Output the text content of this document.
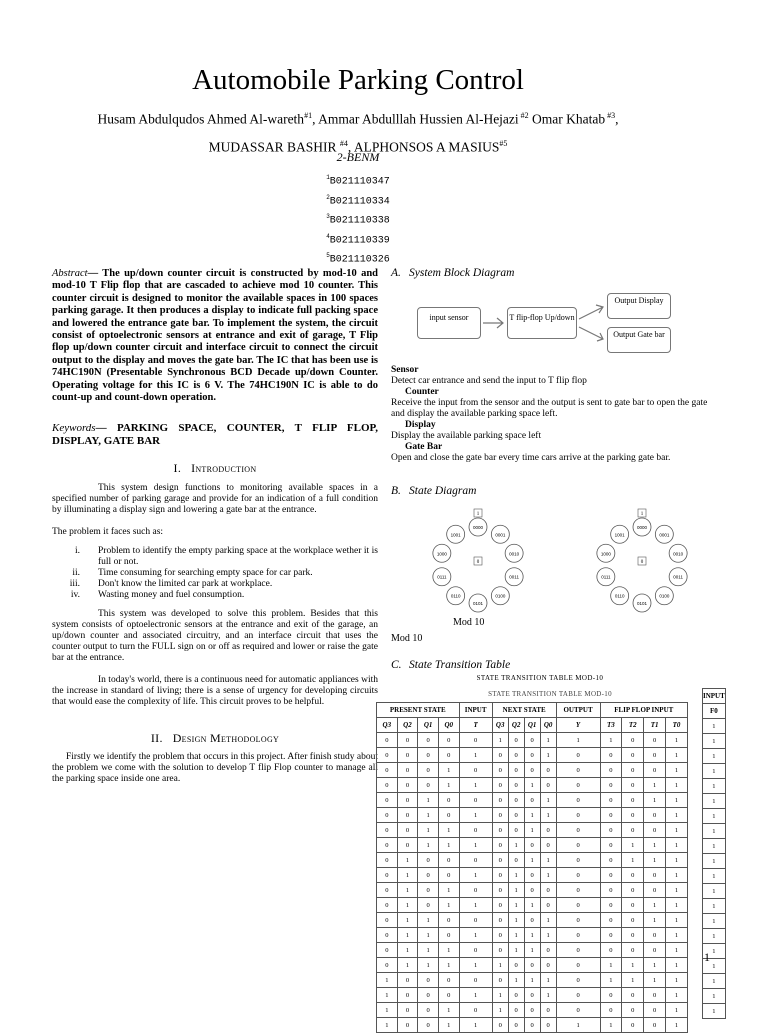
Automobile Parking Control
Husam Abdulqudos Ahmed Al-wareth$^{\#1}$, Ammar Abdulllah Hussien Al-Hejazi $^{\#2}$ Omar Khatab $^{\#3}$,
MUDASSAR BASHIR $^{\#4}$, ALPHONSOS A MASIUS$^{\#5}$
2-BENM
$^1$B021110347
$^2$B021110334
$^3$B021110338
$^4$B021110339
$^5$B021110326
Abstract— The up/down counter circuit is constructed by mod-10 and mod-10 T Flip flop that are cascaded to achieve mod 10 counter. This counter circuit is designed to monitor the available spaces in 100 spaces parking garage. It then produces a display to indicate full packing space and lowered the entrance gate bar. To implement the system, the circuit consist of optoelectronic sensors at entrance and exit of garage, T Flip flop up/down counter circuit and interface circuit to connect the circuit output to the display and moves the gate bar. The IC that has been use is 74HC190N (Presentable Synchronous BCD Decade up/down Counter. Operating voltage for this IC is 6 V. The 74HC190N IC is able to do count-up and count-down operation.
Keywords— PARKING SPACE, COUNTER, T FLIP FLOP, DISPLAY, GATE BAR
I. Introduction
This system design functions to monitoring available spaces in a specified number of parking garage and provide for an indication of a full condition by illuminating a display sign and lowering a gate bar at the entrance.
The problem it faces such as:
i.	Problem to identify the empty parking space at the workplace wether it is full or not.
ii.	Time consuming for searching empty space for car park.
iii.	Don't know the limited car park at workplace.
iv.	Wasting money and fuel consumption.
This system was developed to solve this problem. Besides that this system consists of optoelectronic sensors at the entrance and exit of the garage, an up/down counter and associated circuitry, and an interface circuit that uses the counter output to turn the FULL sign on or off as required and lower or raise the gate bar at the entrance.
In today's world, there is a continuous need for automatic appliances with the increase in standard of living; there is a sense of urgency for developing circuits that would ease the complexity of life. This circuit proves to be helpful.
II. Design Methodology
Firstly we identify the problem that occurs in this project. After finish study about the problem we come with the solution to develop T flip Flop counter to manage all the parking space inside one area.
A. System Block Diagram
input sensor	T flip-flop Up/down
Output Display
Output Gate bar
Sensor
Detect car entrance and send the input to T flip flop
Counter
Receive the input from the sensor and the output is sent to gate bar to open the gate and display the available parking space left.
Display
Display the available parking space left
Gate Bar
Open and close the gate bar every time cars arrive at the parking gate bar.
B. State Diagram
0000
0001
0010
0011
0100
0101
0110
0111
1000
1001
1
0
0000
0001
0010
0011
0100
0101
0110
0111
1000
1001
1
0
Mod 10
Mod 10
C. State Transition Table
STATE TRANSITION TABLE MOD-10
STATE TRANSITION TABLE MOD-10
PRESENT STATE				INPUT	NEXT STATE				OUTPUT	FLIP FLOP INPUT			
Q3	Q2	Q1	Q0	T	Q3	Q2	Q1	Q0	Y	T3	T2	T1	T0
0	0	0	0	0	1	0	0	1	1	1	0	0	1
0	0	0	0	1	0	0	0	1	0	0	0	0	1
0	0	0	1	0	0	0	0	0	0	0	0	0	1
0	0	0	1	1	0	0	1	0	0	0	0	1	1
0	0	1	0	0	0	0	0	1	0	0	0	1	1
0	0	1	0	1	0	0	1	1	0	0	0	0	1
0	0	1	1	0	0	0	1	0	0	0	0	0	1
0	0	1	1	1	0	1	0	0	0	0	1	1	1
0	1	0	0	0	0	0	1	1	0	0	1	1	1
0	1	0	0	1	0	1	0	1	0	0	0	0	1
0	1	0	1	0	0	1	0	0	0	0	0	0	1
0	1	0	1	1	0	1	1	0	0	0	0	1	1
0	1	1	0	0	0	1	0	1	0	0	0	1	1
0	1	1	0	1	0	1	1	1	0	0	0	0	1
0	1	1	1	0	0	1	1	0	0	0	0	0	1
0	1	1	1	1	1	0	0	0	0	1	1	1	1
1	0	0	0	0	0	1	1	1	0	1	1	1	1
1	0	0	0	1	1	0	0	1	0	0	0	0	1
1	0	0	1	0	1	0	0	0	0	0	0	0	1
1	0	0	1	1	0	0	0	0	1	1	0	0	1
INPUT
F0
1
1
1
1
1
1
1
1
1
1
1
1
1
1
1
1
1
1
1
1
1
